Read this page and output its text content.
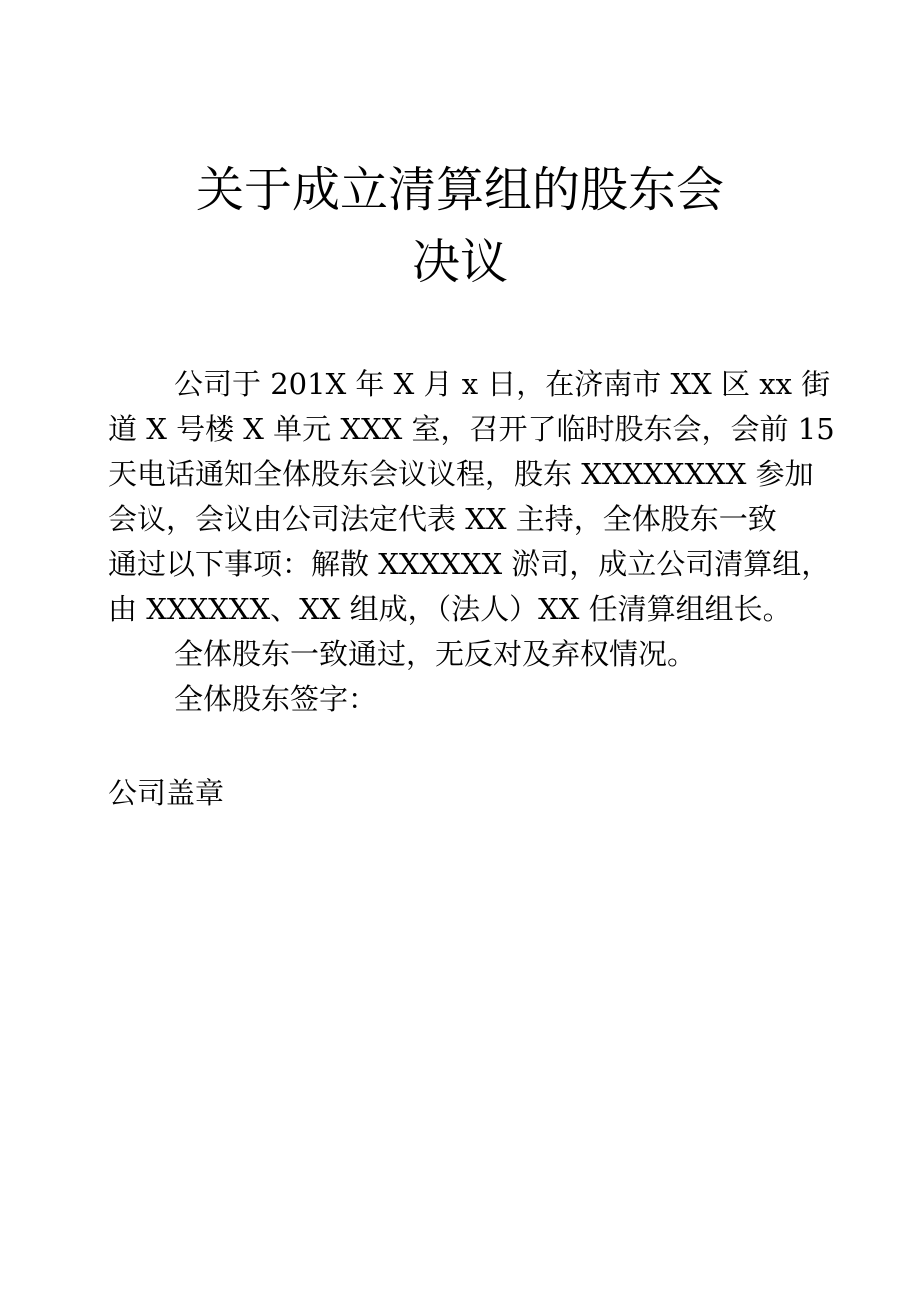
关于成立清算组的股东会
决议
公司于 201X 年 X 月 x 日，在济南市 XX 区 xx 街
道 X 号楼 X 单元 XXX 室，召开了临时股东会，会前 15
天电话通知全体股东会议议程，股东 XXXXXXXX 参加
会议，会议由公司法定代表 XX 主持，全体股东一致
通过以下事项：解散 XXXXXX 淤司，成立公司清算组，
由 XXXXXX、XX 组成，（法人）XX 任清算组组长。
全体股东一致通过，无反对及弃权情况。
全体股东签字：
公司盖章
